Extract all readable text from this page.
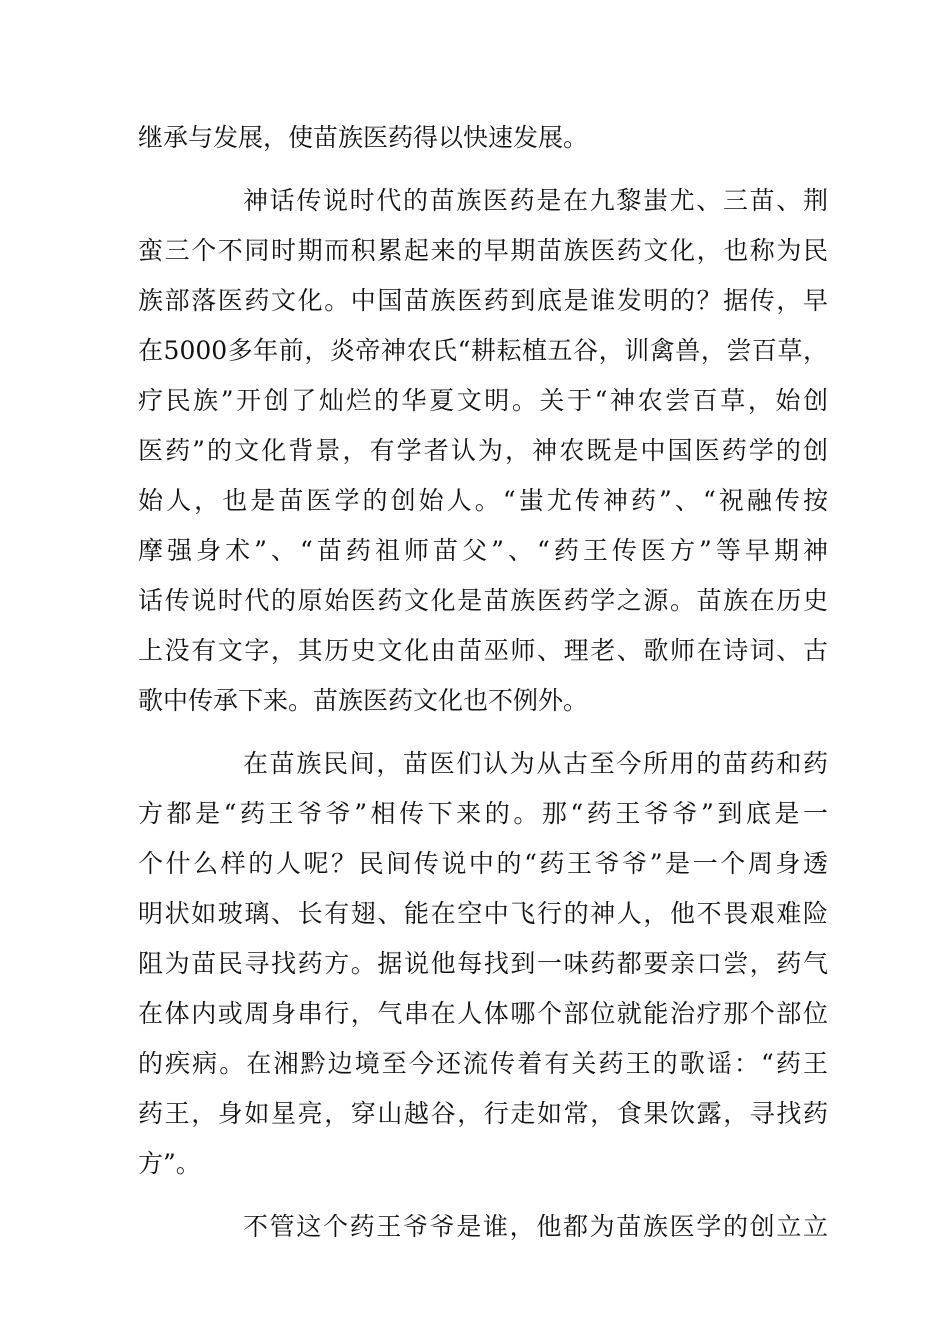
继承与发展，使苗族医药得以快速发展。
神话传说时代的苗族医药是在九黎蚩尤、三苗、荆
蛮三个不同时期而积累起来的早期苗族医药文化，也称为民
族部落医药文化。中国苗族医药到底是谁发明的？据传，早
在5000多年前，炎帝神农氏“耕耘植五谷，训禽兽，尝百草，
疗民族”开创了灿烂的华夏文明。关于“神农尝百草，始创
医药”的文化背景，有学者认为，神农既是中国医药学的创
始人，也是苗医学的创始人。“蚩尤传神药”、“祝融传按
摩强身术”、“苗药祖师苗父”、“药王传医方”等早期神
话传说时代的原始医药文化是苗族医药学之源。苗族在历史
上没有文字，其历史文化由苗巫师、理老、歌师在诗词、古
歌中传承下来。苗族医药文化也不例外。
在苗族民间，苗医们认为从古至今所用的苗药和药
方都是“药王爷爷”相传下来的。那“药王爷爷”到底是一
个什么样的人呢？民间传说中的“药王爷爷”是一个周身透
明状如玻璃、长有翅、能在空中飞行的神人，他不畏艰难险
阻为苗民寻找药方。据说他每找到一味药都要亲口尝，药气
在体内或周身串行，气串在人体哪个部位就能治疗那个部位
的疾病。在湘黔边境至今还流传着有关药王的歌谣：“药王
药王，身如星亮，穿山越谷，行走如常，食果饮露，寻找药
方”。
不管这个药王爷爷是谁，他都为苗族医学的创立立
